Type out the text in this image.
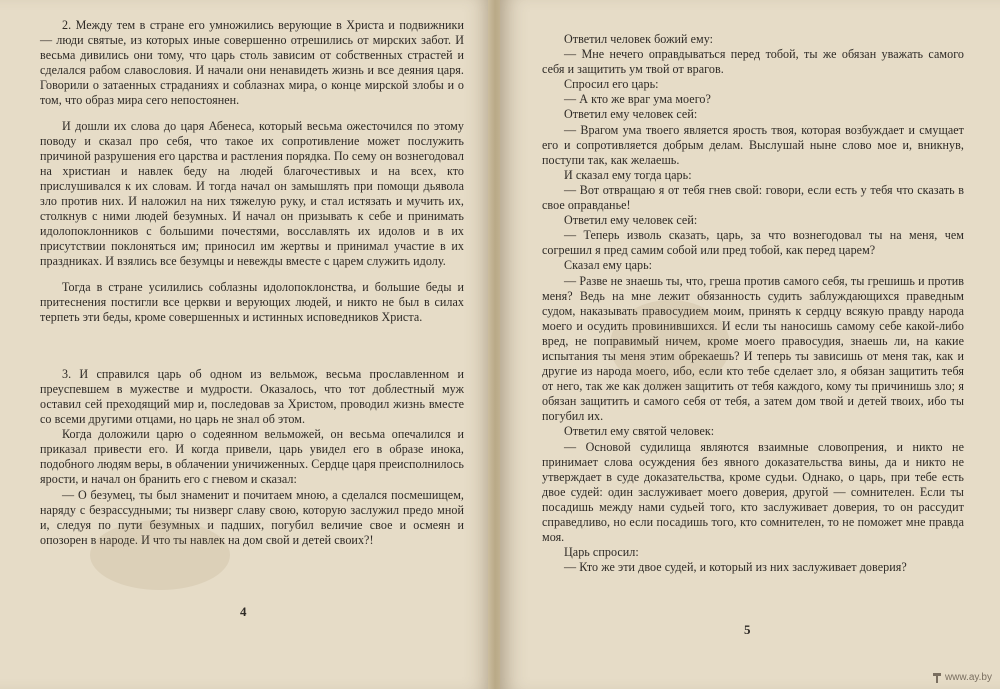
2. Между тем в стране его умножились верующие в Христа и подвижники — люди святые, из которых иные совершенно отрешились от мирских забот. И весьма дивились они тому, что царь столь зависим от собственных страстей и сделался рабом славословия. И начали они ненавидеть жизнь и все деяния царя. Говорили о затаенных страданиях и соблазнах мира, о конце мирской злобы и о том, что образ мира сего непостоянен.

И дошли их слова до царя Абенеса, который весьма ожесточился по этому поводу и сказал про себя, что такое их сопротивление может послужить причиной разрушения его царства и растления порядка. По сему он вознегодовал на христиан и навлек беду на людей благочестивых и на всех, кто прислушивался к их словам. И тогда начал он замышлять при помощи дьявола зло против них. И наложил на них тяжелую руку, и стал истязать и мучить их, столкнув с ними людей безумных. И начал он призывать к себе и принимать идолопоклонников с большими почестями, восславлять их идолов и в их присутствии поклоняться им; приносил им жертвы и принимал участие в их праздниках. И взялись все безумцы и невежды вместе с царем служить идолу.

Тогда в стране усилились соблазны идолопоклонства, и большие беды и притеснения постигли все церкви и верующих людей, и никто не был в силах терпеть эти беды, кроме совершенных и истинных исповедников Христа.

3. И справился царь об одном из вельмож, весьма прославленном и преуспевшем в мужестве и мудрости. Оказалось, что тот доблестный муж оставил сей преходящий мир и, последовав за Христом, проводил жизнь вместе со всеми другими отцами, но царь не знал об этом.

Когда доложили царю о содеянном вельможей, он весьма опечалился и приказал привести его. И когда привели, царь увидел его в образе инока, подобного людям веры, в облачении уничиженных. Сердце царя преисполнилось ярости, и начал он бранить его с гневом и сказал:

— О безумец, ты был знаменит и почитаем мною, а сделался посмешищем, наряду с безрассудными; ты низверг славу свою, которую заслужил предо мной и, следуя по пути безумных и падших, погубил величие свое и осмеян и опозорен в народе. И что ты навлек на дом свой и детей своих?!

4

Ответил человек божий ему:

— Мне нечего оправдываться перед тобой, ты же обязан уважать самого себя и защитить ум твой от врагов.

Спросил его царь:

— А кто же враг ума моего?

Ответил ему человек сей:

— Врагом ума твоего является ярость твоя, которая возбуждает и смущает его и сопротивляется добрым делам. Выслушай ныне слово мое и, вникнув, поступи так, как желаешь.

И сказал ему тогда царь:

— Вот отвращаю я от тебя гнев свой: говори, если есть у тебя что сказать в свое оправданье!

Ответил ему человек сей:

— Теперь изволь сказать, царь, за что вознегодовал ты на меня, чем согрешил я пред самим собой или пред тобой, как перед царем?

Сказал ему царь:

— Разве не знаешь ты, что, греша против самого себя, ты грешишь и против меня? Ведь на мне лежит обязанность судить заблуждающихся праведным судом, наказывать правосудием моим, принять к сердцу всякую правду народа моего и осудить провинившихся. И если ты наносишь самому себе какой-либо вред, не поправимый ничем, кроме моего правосудия, знаешь ли, на какие испытания ты меня этим обрекаешь? И теперь ты зависишь от меня так, как и другие из народа моего, ибо, если кто тебе сделает зло, я обязан защитить тебя от него, так же как должен защитить от тебя каждого, кому ты причинишь зло; я обязан защитить и самого себя от тебя, а затем дом твой и детей твоих, ибо ты погубил их.

Ответил ему святой человек:

— Основой судилища являются взаимные словопрения, и никто не принимает слова осуждения без явного доказательства вины, да и никто не утверждает в суде доказательства, кроме судьи. Однако, о царь, при тебе есть двое судей: один заслуживает моего доверия, другой — сомнителен. Если ты посадишь между нами судьей того, кто заслуживает доверия, то он рассудит справедливо, но если посадишь того, кто сомнителен, то не поможет мне правда моя.

Царь спросил:

— Кто же эти двое судей, и который из них заслуживает доверия?

5
www.ay.by
